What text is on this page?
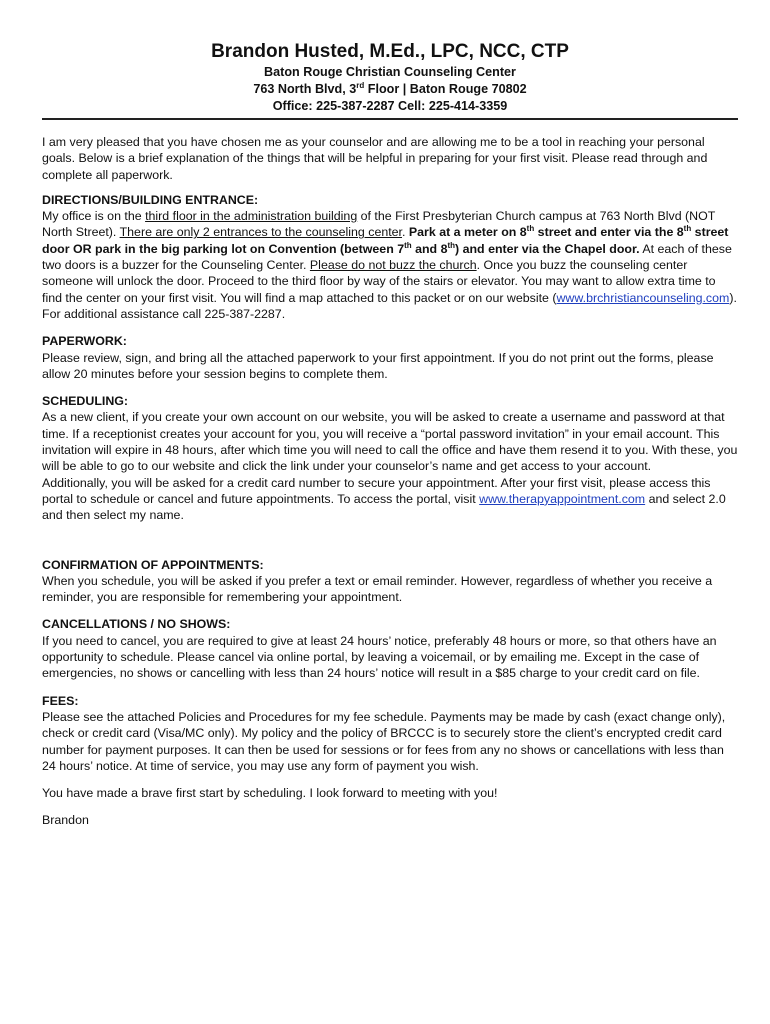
Brandon Husted, M.Ed., LPC, NCC, CTP

Baton Rouge Christian Counseling Center

763 North Blvd, 3rd Floor | Baton Rouge 70802

Office: 225-387-2287 Cell: 225-414-3359

I am very pleased that you have chosen me as your counselor and are allowing me to be a tool in reaching your personal goals. Below is a brief explanation of the things that will be helpful in preparing for your first visit. Please read through and complete all paperwork.

DIRECTIONS/BUILDING ENTRANCE:

My office is on the third floor in the administration building of the First Presbyterian Church campus at 763 North Blvd (NOT North Street). There are only 2 entrances to the counseling center. Park at a meter on 8th street and enter via the 8th street door OR park in the big parking lot on Convention (between 7th and 8th) and enter via the Chapel door. At each of these two doors is a buzzer for the Counseling Center. Please do not buzz the church. Once you buzz the counseling center someone will unlock the door. Proceed to the third floor by way of the stairs or elevator. You may want to allow extra time to find the center on your first visit. You will find a map attached to this packet or on our website (www.brchristiancounseling.com). For additional assistance call 225-387-2287.

PAPERWORK:

Please review, sign, and bring all the attached paperwork to your first appointment. If you do not print out the forms, please allow 20 minutes before your session begins to complete them.

SCHEDULING:

As a new client, if you create your own account on our website, you will be asked to create a username and password at that time. If a receptionist creates your account for you, you will receive a “portal password invitation” in your email account. This invitation will expire in 48 hours, after which time you will need to call the office and have them resend it to you. With these, you will be able to go to our website and click the link under your counselor’s name and get access to your account.

Additionally, you will be asked for a credit card number to secure your appointment. After your first visit, please access this portal to schedule or cancel and future appointments. To access the portal, visit www.therapyappointment.com and select 2.0 and then select my name.

CONFIRMATION OF APPOINTMENTS:

When you schedule, you will be asked if you prefer a text or email reminder. However, regardless of whether you receive a reminder, you are responsible for remembering your appointment.

CANCELLATIONS / NO SHOWS:

If you need to cancel, you are required to give at least 24 hours’ notice, preferably 48 hours or more, so that others have an opportunity to schedule. Please cancel via online portal, by leaving a voicemail, or by emailing me. Except in the case of emergencies, no shows or cancelling with less than 24 hours’ notice will result in a $85 charge to your credit card on file.

FEES:

Please see the attached Policies and Procedures for my fee schedule. Payments may be made by cash (exact change only), check or credit card (Visa/MC only). My policy and the policy of BRCCC is to securely store the client’s encrypted credit card number for payment purposes. It can then be used for sessions or for fees from any no shows or cancellations with less than 24 hours’ notice. At time of service, you may use any form of payment you wish.

You have made a brave first start by scheduling. I look forward to meeting with you!

Brandon
